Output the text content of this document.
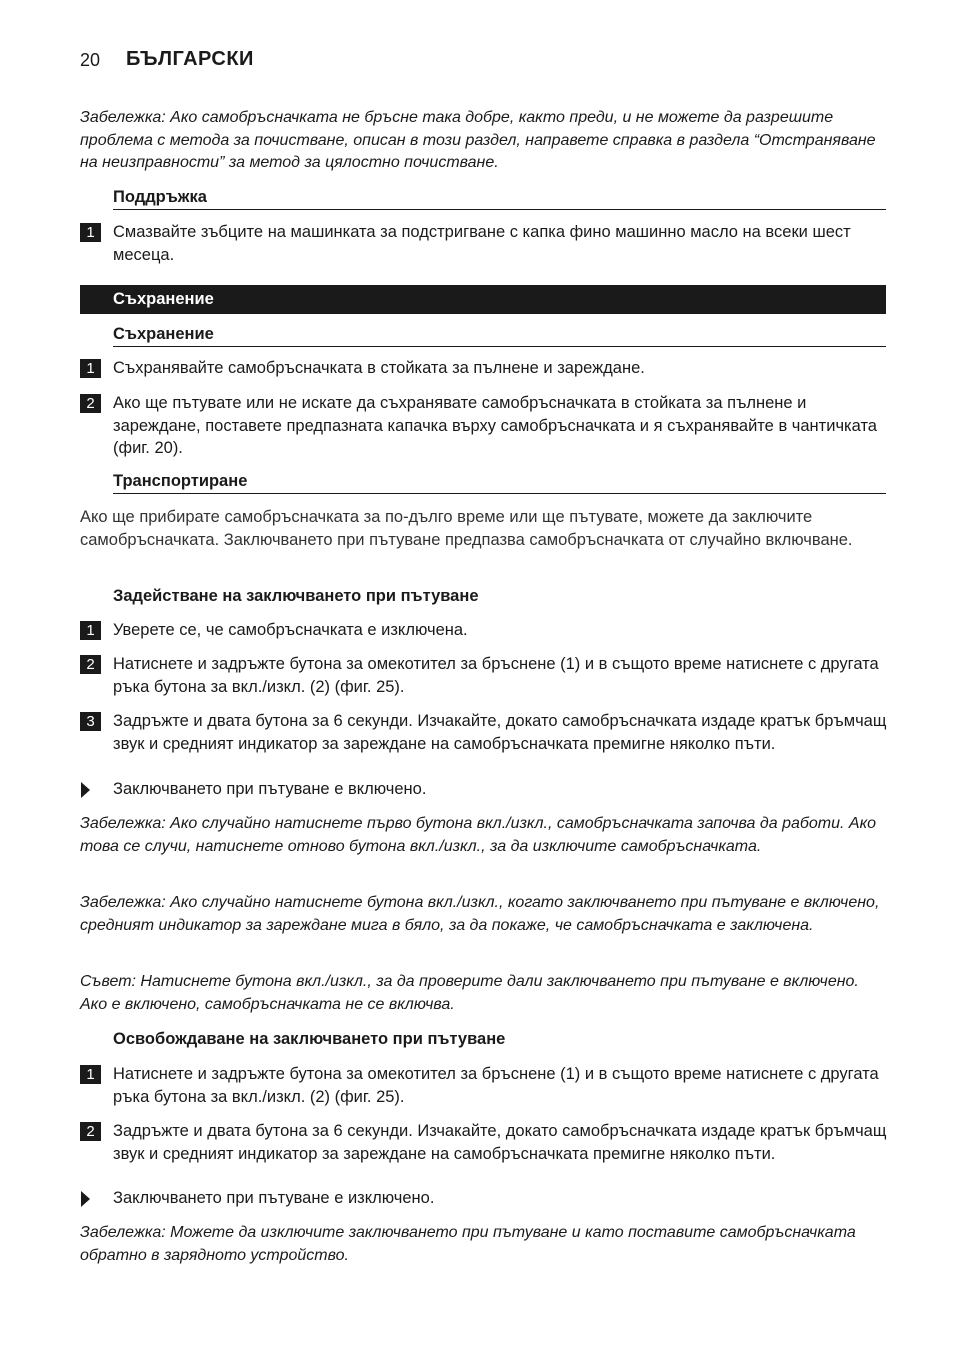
20 БЪЛГАРСКИ
Забележка: Ако самобръсначката не бръсне така добре, както преди, и не можете да разрешите проблема с метода за почистване, описан в този раздел, направете справка в раздела “Отстраняване на неизправности” за метод за цялостно почистване.
Поддръжка
1	Смазвайте зъбците на машинката за подстригване с капка фино машинно масло на всеки шест месеца.
Съхранение
Съхранение
1	Съхранявайте самобръсначката в стойката за пълнене и зареждане.
2	Ако ще пътувате или не искате да съхранявате самобръсначката в стойката за пълнене и зареждане, поставете предпазната капачка върху самобръсначката и я съхранявайте в чантичката (фиг. 20).
Транспортиране
Ако ще прибирате самобръсначката за по-дълго време или ще пътувате, можете да заключите самобръсначката. Заключването при пътуване предпазва самобръсначката от случайно включване.
Задействане на заключването при пътуване
1	Уверете се, че самобръсначката е изключена.
2	Натиснете и задръжте бутона за омекотител за бръснене (1) и в същото време натиснете с другата ръка бутона за вкл./изкл. (2) (фиг. 25).
3	Задръжте и двата бутона за 6 секунди. Изчакайте, докато самобръсначката издаде кратък бръмчащ звук и средният индикатор за зареждане на самобръсначката премигне няколко пъти.
Заключването при пътуване е включено.
Забележка: Ако случайно натиснете първо бутона вкл./изкл., самобръсначката започва да работи. Ако това се случи, натиснете отново бутона вкл./изкл., за да изключите самобръсначката.
Забележка: Ако случайно натиснете бутона вкл./изкл., когато заключването при пътуване е включено, средният индикатор за зареждане мига в бяло, за да покаже, че самобръсначката е заключена.
Съвет: Натиснете бутона вкл./изкл., за да проверите дали заключването при пътуване е включено. Ако е включено, самобръсначката не се включва.
Освобождаване на заключването при пътуване
1	Натиснете и задръжте бутона за омекотител за бръснене (1) и в същото време натиснете с другата ръка бутона за вкл./изкл. (2) (фиг. 25).
2	Задръжте и двата бутона за 6 секунди. Изчакайте, докато самобръсначката издаде кратък бръмчащ звук и средният индикатор за зареждане на самобръсначката премигне няколко пъти.
Заключването при пътуване е изключено.
Забележка: Можете да изключите заключването при пътуване и като поставите самобръсначката обратно в зарядното устройство.
